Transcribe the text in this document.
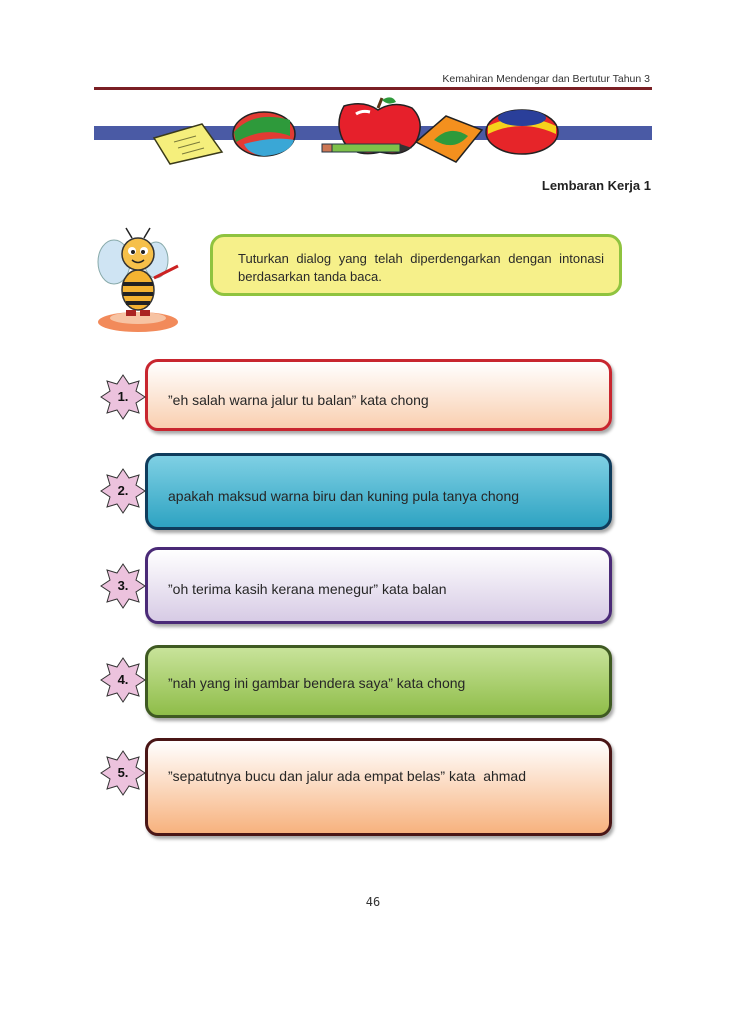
Kemahiran Mendengar dan Bertutur Tahun 3
Lembaran Kerja 1
Tuturkan dialog yang telah diperdengarkan dengan intonasi berdasarkan tanda baca.
”eh salah warna jalur tu balan” kata chong
1.
apakah maksud warna biru dan kuning pula tanya chong
2.
”oh terima kasih kerana menegur” kata balan
3.
”nah yang ini gambar bendera saya” kata chong
4.
”sepatutnya bucu dan jalur ada empat belas” kata  ahmad
5.
46
